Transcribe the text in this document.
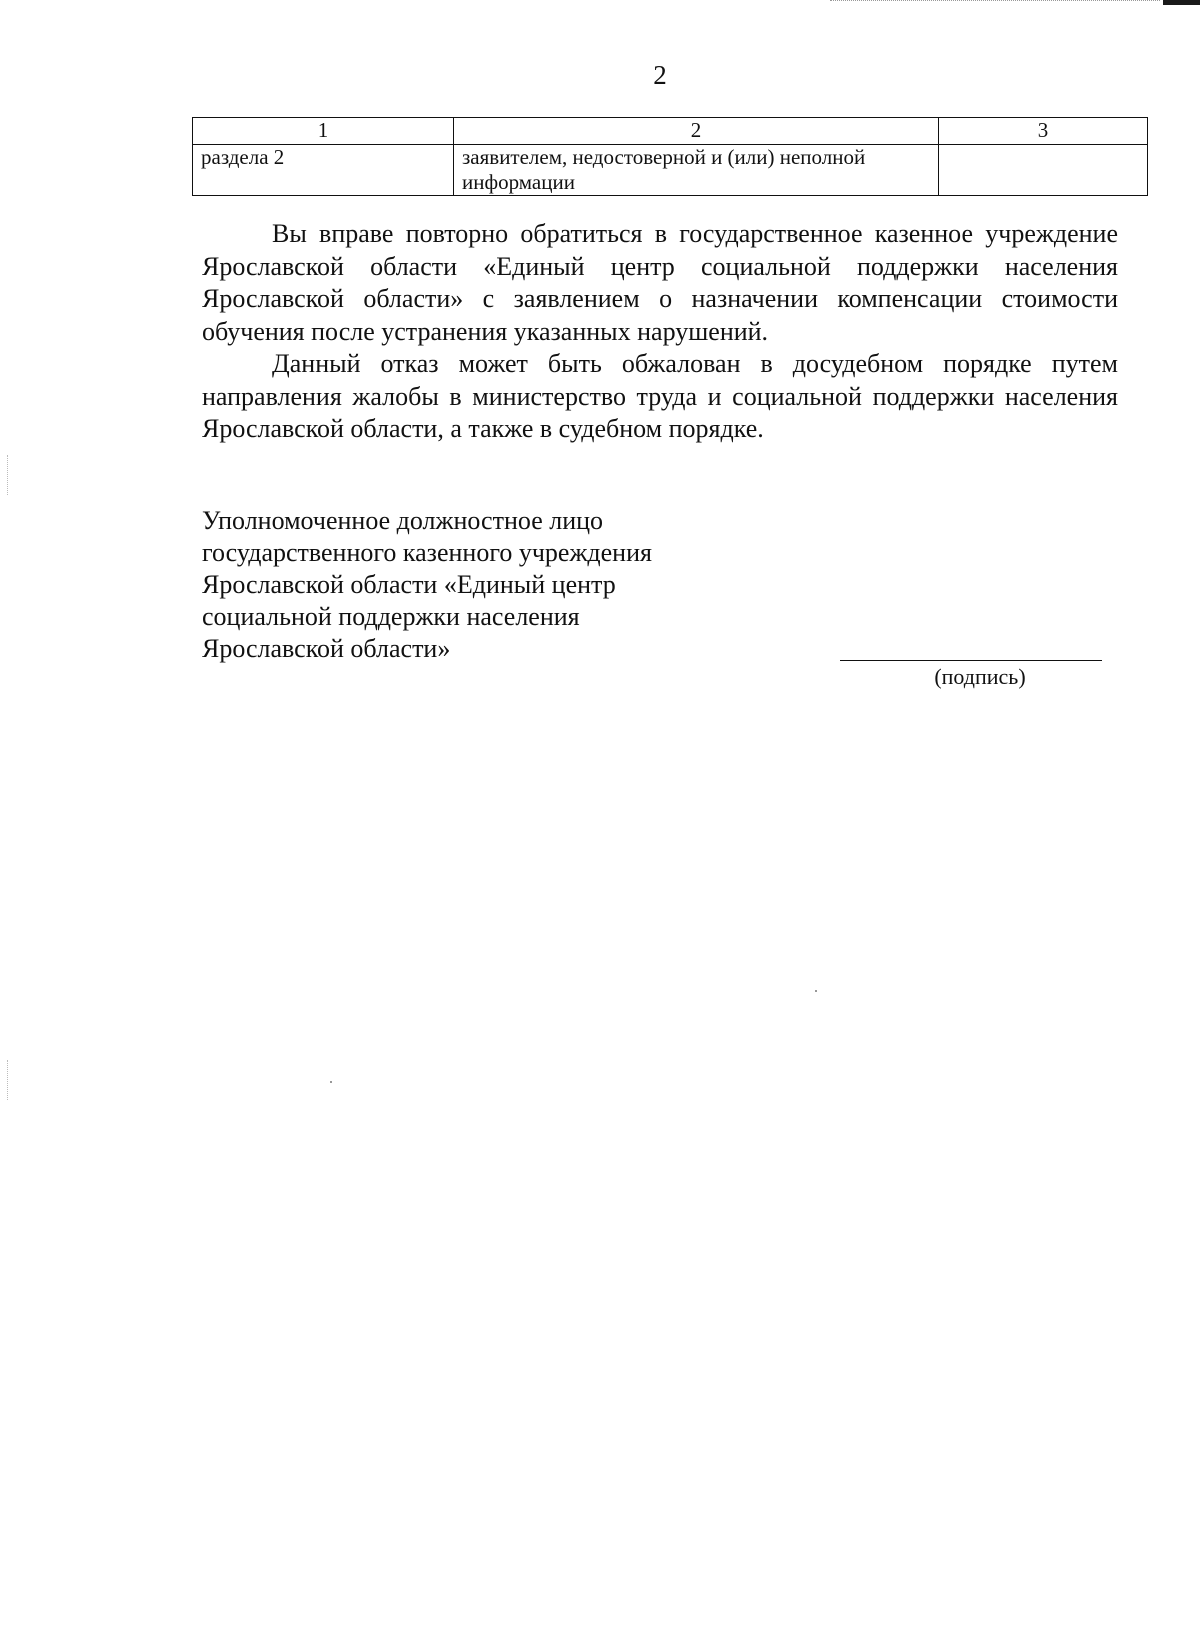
2
1	2	3
раздела 2	заявителем, недостоверной и (или) неполной информации	

Вы вправе повторно обратиться в государственное казенное учреждение Ярославской области «Единый центр социальной поддержки населения Ярославской области» с заявлением о назначении компенсации стоимости обучения после устранения указанных нарушений.

Данный отказ может быть обжалован в досудебном порядке путем направления жалобы в министерство труда и социальной поддержки населения Ярославской области, а также в судебном порядке.

Уполномоченное должностное лицо
государственного казенного учреждения
Ярославской области «Единый центр
социальной поддержки населения
Ярославской области»
(подпись)
